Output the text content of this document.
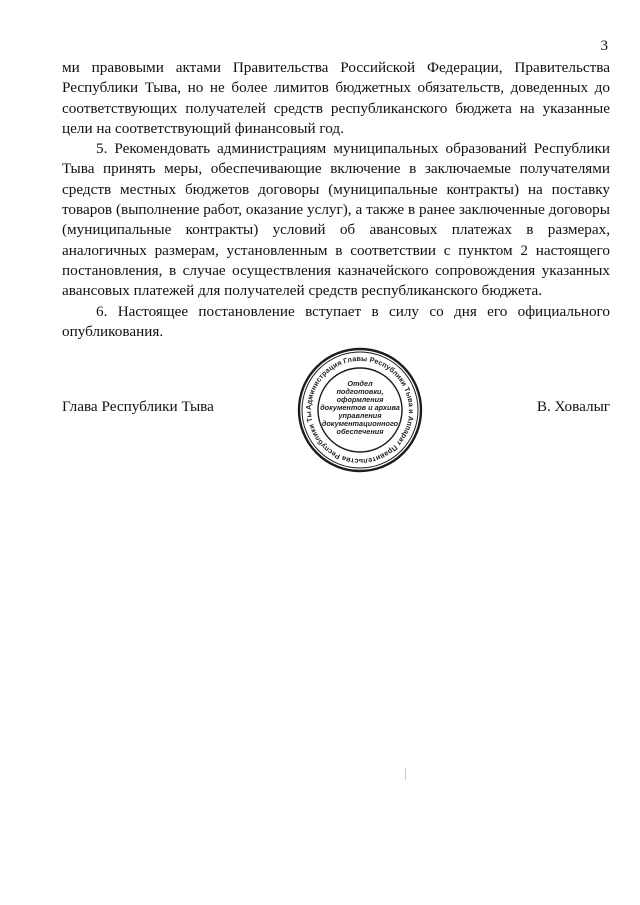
3

ми правовыми актами Правительства Российской Федерации, Правительства Республики Тыва, но не более лимитов бюджетных обязательств, доведенных до соответствующих получателей средств республиканского бюджета на указанные цели на соответствующий финансовый год.

5. Рекомендовать администрациям муниципальных образований Республики Тыва принять меры, обеспечивающие включение в заключаемые получателями средств местных бюджетов договоры (муниципальные контракты) на поставку товаров (выполнение работ, оказание услуг), а также в ранее заключенные договоры (муниципальные контракты) условий об авансовых платежах в размерах, аналогичных размерам, установленным в соответствии с пунктом 2 настоящего постановления, в случае осуществления казначейского сопровождения указанных авансовых платежей для получателей средств республиканского бюджета.

6. Настоящее постановление вступает в силу со дня его официального опубликования.

Глава Республики Тыва	В. Ховалыг
Администрация Главы Республики Тыва и Аппарат Правительства Республики Ты
Отдел
подготовки,
оформления
документов и архива
управления
документационного
обеспечения
